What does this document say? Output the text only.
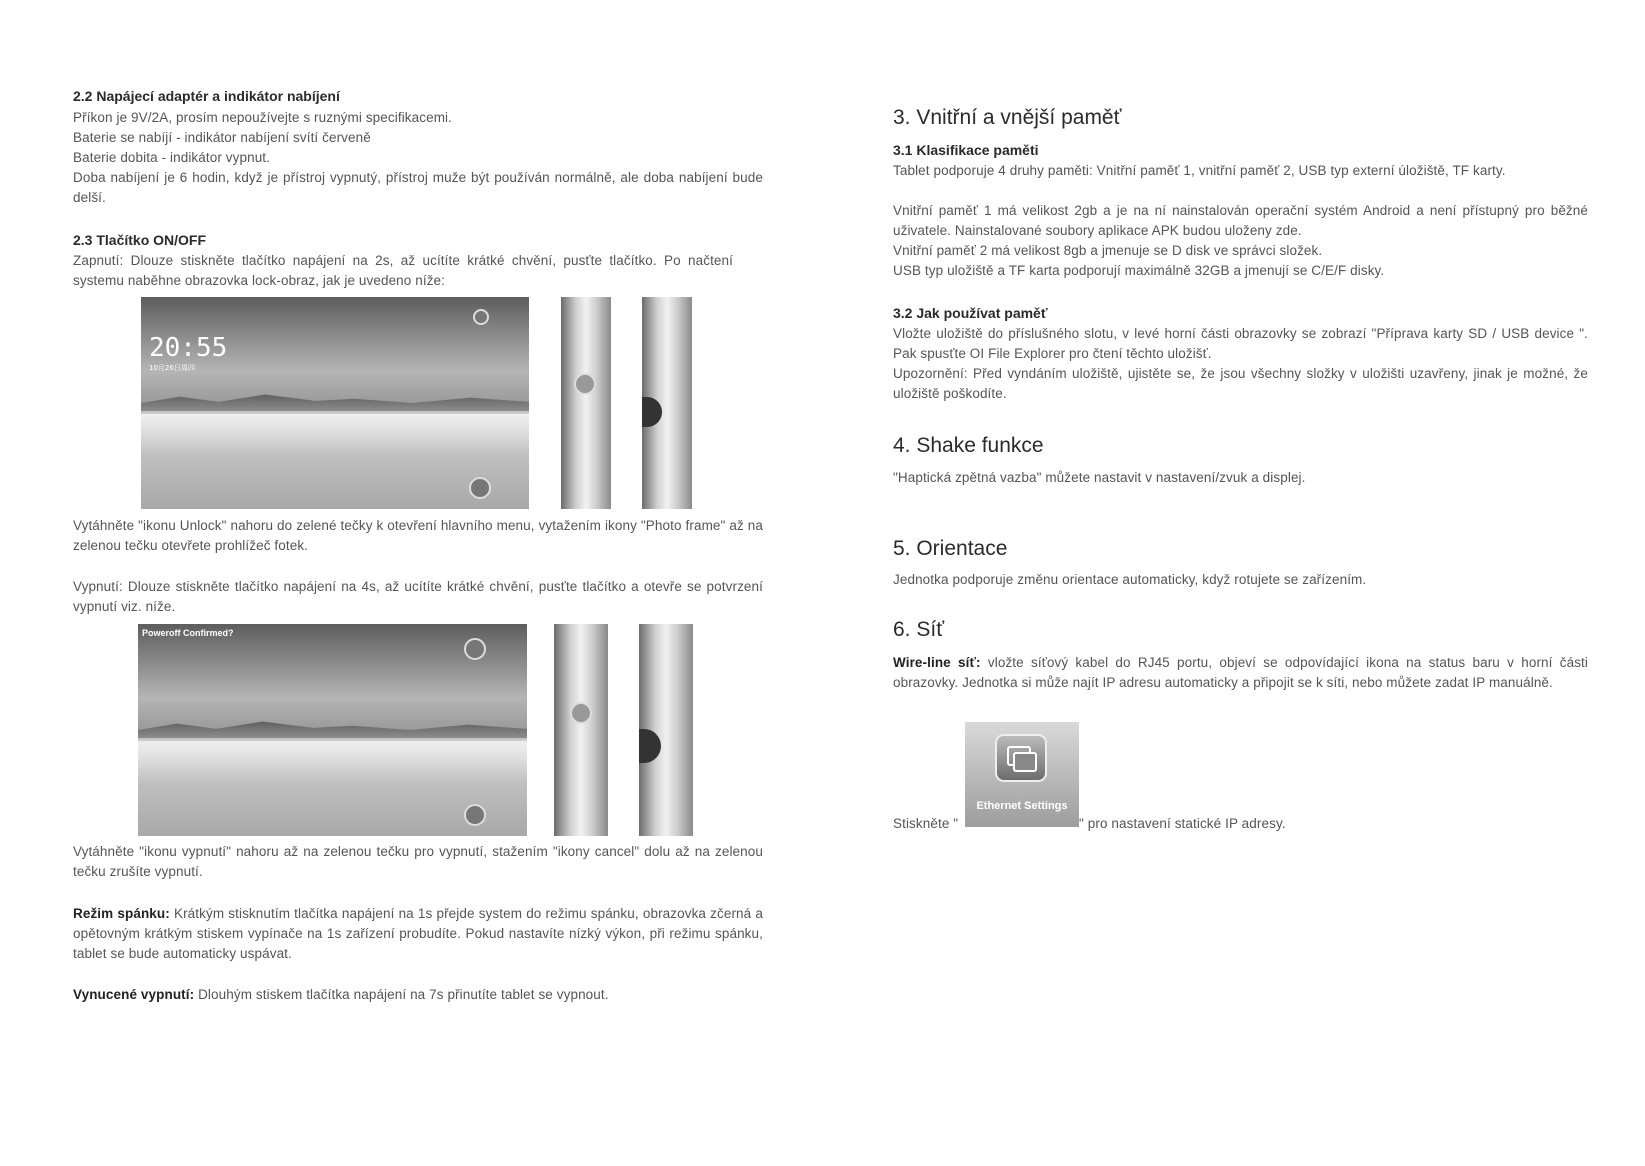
2.2 Napájecí adaptér a indikátor nabíjení

Příkon je 9V/2A, prosím nepoužívejte s ruznými specifikacemi.

Baterie se nabíjí - indikátor nabíjení svítí červeně

Baterie dobita - indikátor vypnut.

Doba nabíjení je 6 hodin, když je přístroj vypnutý, přístroj muže být používán normálně, ale doba nabíjení bude delší.

2.3 Tlačítko ON/OFF

Zapnutí: Dlouze stiskněte tlačítko napájení na 2s, až ucítíte krátké chvění, pusťte tlačítko. Po načtení systemu naběhne obrazovka lock-obraz, jak je uvedeno níže:

20:55
10月26日周四

Vytáhněte "ikonu Unlock" nahoru do zelené tečky k otevření hlavního menu, vytažením ikony "Photo frame" až na zelenou tečku otevřete prohlížeč fotek.

Vypnutí: Dlouze stiskněte tlačítko napájení na 4s, až ucítíte krátké chvění, pusťte tlačítko a otevře se potvrzení vypnutí viz. níže.

Poweroff Confirmed?

Vytáhněte "ikonu vypnutí" nahoru až na zelenou tečku pro vypnutí, stažením "ikony cancel" dolu až na zelenou tečku zrušíte vypnutí.

Režim spánku: Krátkým stisknutím tlačítka napájení na 1s přejde system do režimu spánku, obrazovka zčerná a opětovným krátkým stiskem vypínače na 1s zařízení probudíte. Pokud nastavíte nízký výkon, při režimu spánku, tablet se bude automaticky uspávat.

Vynucené vypnutí: Dlouhým stiskem tlačítka napájení na 7s přinutíte tablet se vypnout.

3. Vnitřní a vnější paměť

3.1 Klasifikace paměti

Tablet podporuje 4 druhy paměti: Vnitřní paměť 1, vnitřní paměť 2, USB typ externí úložiště, TF karty.

Vnitřní paměť 1 má velikost 2gb a je na ní nainstalován operační systém Android a není přístupný pro běžné uživatele. Nainstalované soubory aplikace APK budou uloženy zde.

Vnitřní paměť 2 má velikost 8gb a jmenuje se D disk ve správci složek.

USB typ uložiště a TF karta podporují maximálně 32GB a jmenují se C/E/F disky.

3.2 Jak používat paměť

Vložte uložiště do příslušného slotu, v levé horní části obrazovky se zobrazí "Příprava karty SD / USB device ". Pak spusťte OI File Explorer pro čtení těchto uložišť.

Upozornění: Před vyndáním uložiště, ujistěte se, že jsou všechny složky v uložišti uzavřeny, jinak je možné, že uložiště poškodíte.

4. Shake funkce

"Haptická zpětná vazba" můžete nastavit v nastavení/zvuk a displej.

5. Orientace

Jednotka podporuje změnu orientace automaticky, když rotujete se zařízením.

6. Síť

Wire-line síť: vložte síťový kabel do RJ45 portu, objeví se odpovídající ikona na status baru v horní části obrazovky. Jednotka si může najít IP adresu automaticky a připojit se k síti, nebo můžete zadat IP manuálně.

Ethernet Settings

Stiskněte "	" pro nastavení statické IP adresy.
